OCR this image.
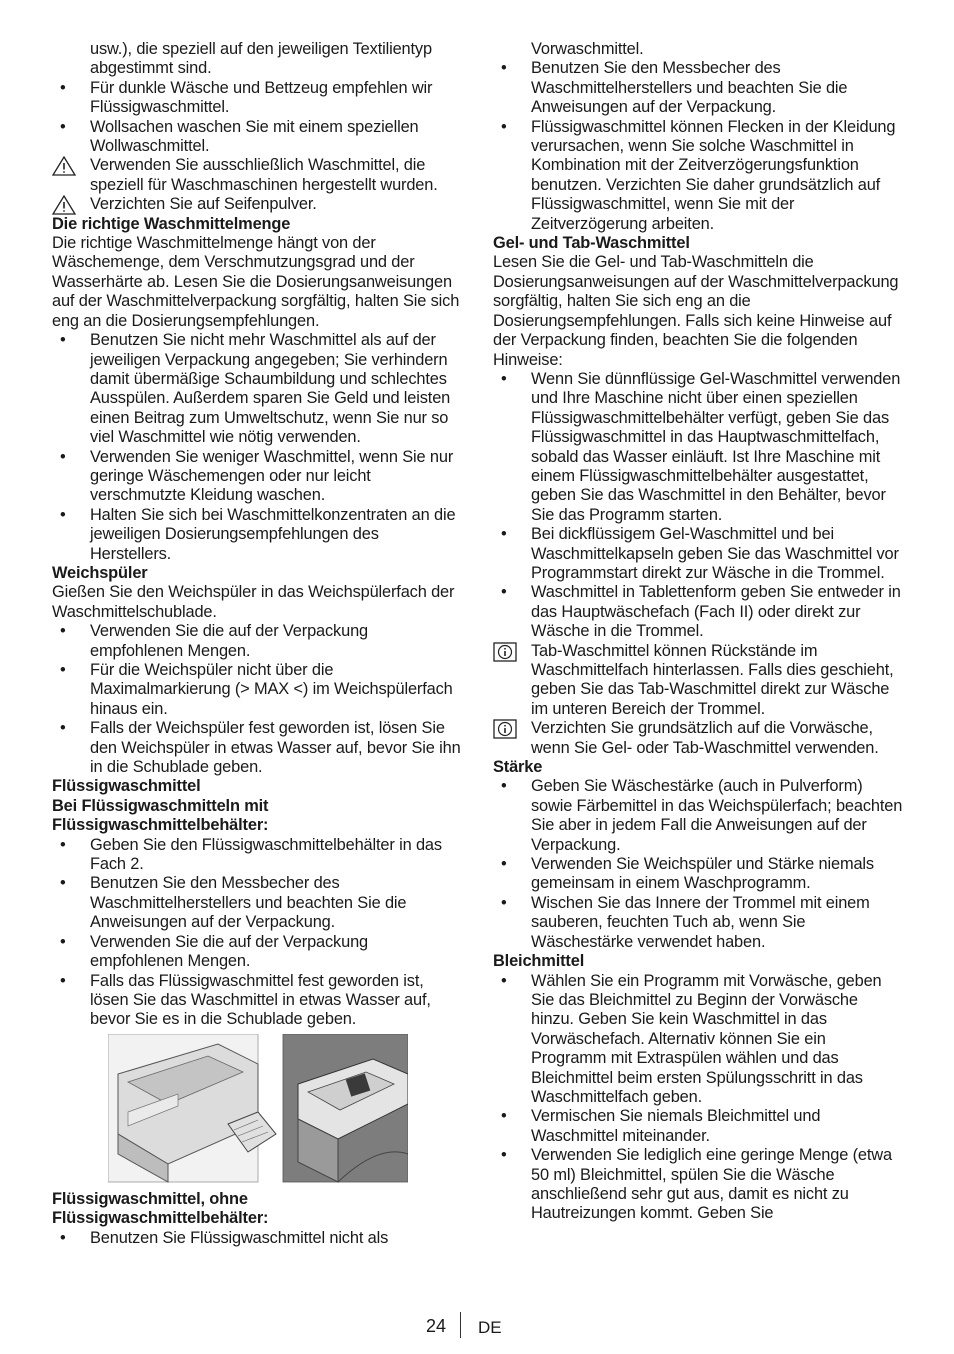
usw.), die speziell auf den jeweiligen Textilientyp abgestimmt sind.

• Für dunkle Wäsche und Bettzeug empfehlen wir Flüssigwaschmittel.

• Wollsachen waschen Sie mit einem speziellen Wollwaschmittel.

Verwenden Sie ausschließlich Waschmittel, die speziell für Waschmaschinen hergestellt wurden.
Verzichten Sie auf Seifenpulver.

Die richtige Waschmittelmenge

Die richtige Waschmittelmenge hängt von der Wäschemenge, dem Verschmutzungsgrad und der Wasserhärte ab. Lesen Sie die Dosierungsanweisungen auf der Waschmittelverpackung sorgfältig, halten Sie sich eng an die Dosierungsempfehlungen.

• Benutzen Sie nicht mehr Waschmittel als auf der jeweiligen Verpackung angegeben; Sie verhindern damit übermäßige Schaumbildung und schlechtes Ausspülen. Außerdem sparen Sie Geld und leisten einen Beitrag zum Umweltschutz, wenn Sie nur so viel Waschmittel wie nötig verwenden.

• Verwenden Sie weniger Waschmittel, wenn Sie nur geringe Wäschemengen oder nur leicht verschmutzte Kleidung waschen.

• Halten Sie sich bei Waschmittelkonzentraten an die jeweiligen Dosierungsempfehlungen des Herstellers.

Weichspüler

Gießen Sie den Weichspüler in das Weichspülerfach der Waschmittelschublade.

• Verwenden Sie die auf der Verpackung empfohlenen Mengen.

• Für die Weichspüler nicht über die Maximalmarkierung (> MAX <) im Weichspülerfach hinaus ein.

• Falls der Weichspüler fest geworden ist, lösen Sie den Weichspüler in etwas Wasser auf, bevor Sie ihn in die Schublade geben.

Flüssigwaschmittel

Bei Flüssigwaschmitteln mit

Flüssigwaschmittelbehälter:

• Geben Sie den Flüssigwaschmittelbehälter in das Fach 2.

• Benutzen Sie den Messbecher des Waschmittelherstellers und beachten Sie die Anweisungen auf der Verpackung.

• Verwenden Sie die auf der Verpackung empfohlenen Mengen.

• Falls das Flüssigwaschmittel fest geworden ist, lösen Sie das Waschmittel in etwas Wasser auf, bevor Sie es in die Schublade geben.

Flüssigwaschmittel, ohne

Flüssigwaschmittelbehälter:

• Benutzen Sie Flüssigwaschmittel nicht als

Vorwaschmittel.

• Benutzen Sie den Messbecher des Waschmittelherstellers und beachten Sie die Anweisungen auf der Verpackung.

• Flüssigwaschmittel können Flecken in der Kleidung verursachen, wenn Sie solche Waschmittel in Kombination mit der Zeitverzögerungsfunktion benutzen. Verzichten Sie daher grundsätzlich auf Flüssigwaschmittel, wenn Sie mit der Zeitverzögerung arbeiten.

Gel- und Tab-Waschmittel

Lesen Sie die Gel- und Tab-Waschmitteln die Dosierungsanweisungen auf der Waschmittelverpackung sorgfältig, halten Sie sich eng an die Dosierungsempfehlungen. Falls sich keine Hinweise auf der Verpackung finden, beachten Sie die folgenden Hinweise:

• Wenn Sie dünnflüssige Gel-Waschmittel verwenden und Ihre Maschine nicht über einen speziellen Flüssigwaschmittelbehälter verfügt, geben Sie das Flüssigwaschmittel in das Hauptwaschmittelfach, sobald das Wasser einläuft. Ist Ihre Maschine mit einem Flüssigwaschmittelbehälter ausgestattet, geben Sie das Waschmittel in den Behälter, bevor Sie das Programm starten.

• Bei dickflüssigem Gel-Waschmittel und bei Waschmittelkapseln geben Sie das Waschmittel vor Programmstart direkt zur Wäsche in die Trommel.

• Waschmittel in Tablettenform geben Sie entweder in das Hauptwäschefach (Fach II) oder direkt zur Wäsche in die Trommel.

Tab-Waschmittel können Rückstände im Waschmittelfach hinterlassen. Falls dies geschieht, geben Sie das Tab-Waschmittel direkt zur Wäsche im unteren Bereich der Trommel.
Verzichten Sie grundsätzlich auf die Vorwäsche, wenn Sie Gel- oder Tab-Waschmittel verwenden.

Stärke

• Geben Sie Wäschestärke (auch in Pulverform) sowie Färbemittel in das Weichspülerfach; beachten Sie aber in jedem Fall die Anweisungen auf der Verpackung.

• Verwenden Sie Weichspüler und Stärke niemals gemeinsam in einem Waschprogramm.

• Wischen Sie das Innere der Trommel mit einem sauberen, feuchten Tuch ab, wenn Sie Wäschestärke verwendet haben.

Bleichmittel

• Wählen Sie ein Programm mit Vorwäsche, geben Sie das Bleichmittel zu Beginn der Vorwäsche hinzu. Geben Sie kein Waschmittel in das Vorwäschefach. Alternativ können Sie ein Programm mit Extraspülen wählen und das Bleichmittel beim ersten Spülungsschritt in das Waschmittelfach geben.

• Vermischen Sie niemals Bleichmittel und Waschmittel miteinander.

• Verwenden Sie lediglich eine geringe Menge (etwa 50 ml) Bleichmittel, spülen Sie die Wäsche anschließend sehr gut aus, damit es nicht zu Hautreizungen kommt. Geben Sie

24 DE
